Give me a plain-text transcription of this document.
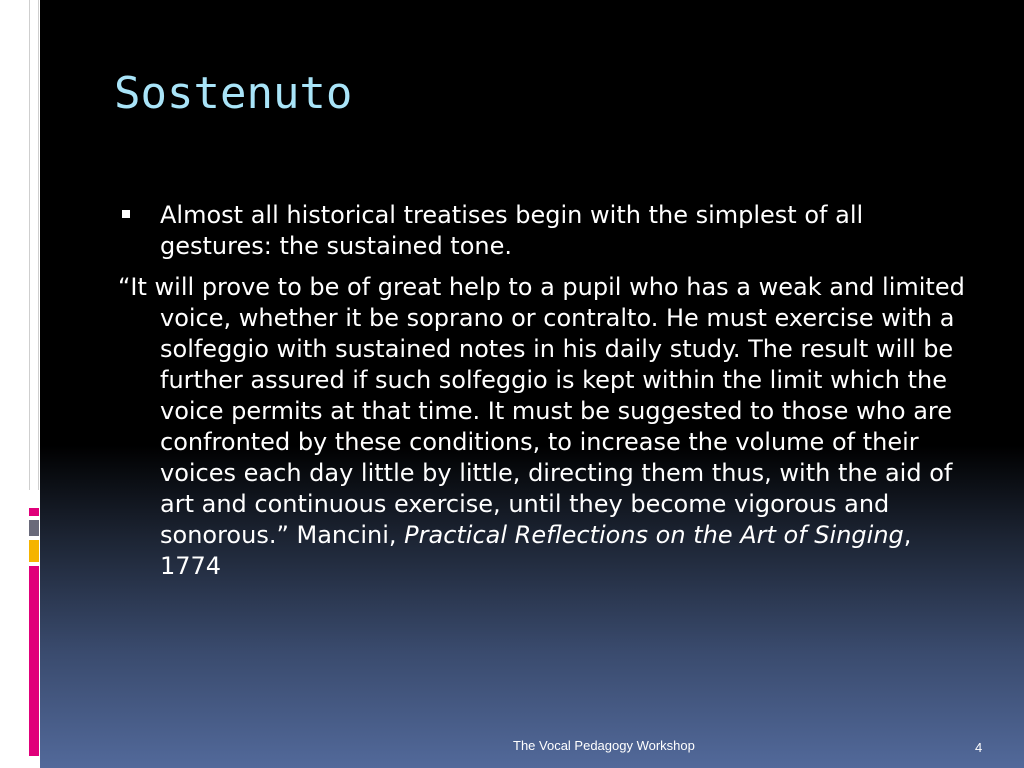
Sostenuto
Almost all historical treatises begin with the simplest of all gestures: the sustained tone.

“It will prove to be of great help to a pupil who has a weak and limited voice, whether it be soprano or contralto. He must exercise with a solfeggio with sustained notes in his daily study. The result will be further assured if such solfeggio is kept within the limit which the voice permits at that time. It must be suggested to those who are confronted by these conditions, to increase the volume of their voices each day little by little, directing them thus, with the aid of art and continuous exercise, until they become vigorous and sonorous.” Mancini, Practical Reflections on the Art of Singing, 1774

The Vocal Pedagogy Workshop	4
